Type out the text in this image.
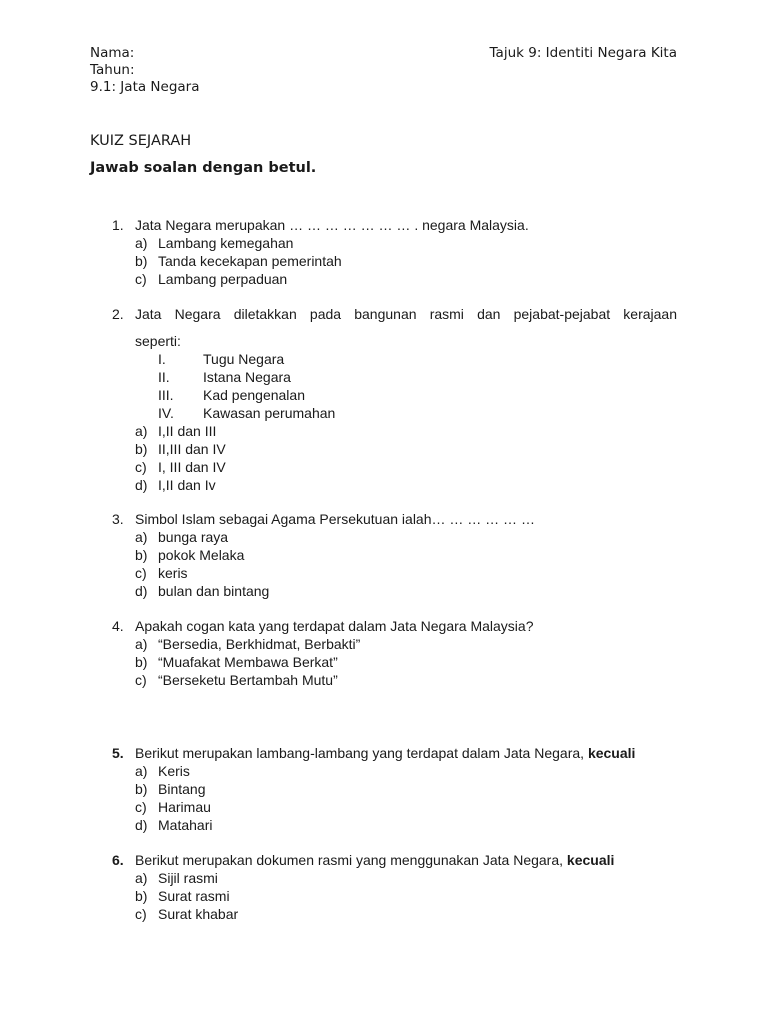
Nama:
Tahun:
9.1: Jata Negara
Tajuk 9: Identiti Negara Kita
KUIZ SEJARAH
Jawab soalan dengan betul.
1. Jata Negara merupakan … … … … … … … . negara Malaysia.
a) Lambang kemegahan
b) Tanda kecekapan pemerintah
c) Lambang perpaduan
2. Jata Negara diletakkan pada bangunan rasmi dan pejabat-pejabat kerajaan
seperti:
I.	Tugu Negara
II.	Istana Negara
III.	Kad pengenalan
IV.	Kawasan perumahan
a) I,II dan III
b) II,III dan IV
c) I, III dan IV
d) I,II dan Iv
3. Simbol Islam sebagai Agama Persekutuan ialah… … … … … …
a) bunga raya
b) pokok Melaka
c) keris
d) bulan dan bintang
4. Apakah cogan kata yang terdapat dalam Jata Negara Malaysia?
a) “Bersedia, Berkhidmat, Berbakti”
b) “Muafakat Membawa Berkat”
c) “Berseketu Bertambah Mutu”
5. Berikut merupakan lambang-lambang yang terdapat dalam Jata Negara, kecuali
a) Keris
b) Bintang
c) Harimau
d) Matahari
6. Berikut merupakan dokumen rasmi yang menggunakan Jata Negara, kecuali
a) Sijil rasmi
b) Surat rasmi
c) Surat khabar
